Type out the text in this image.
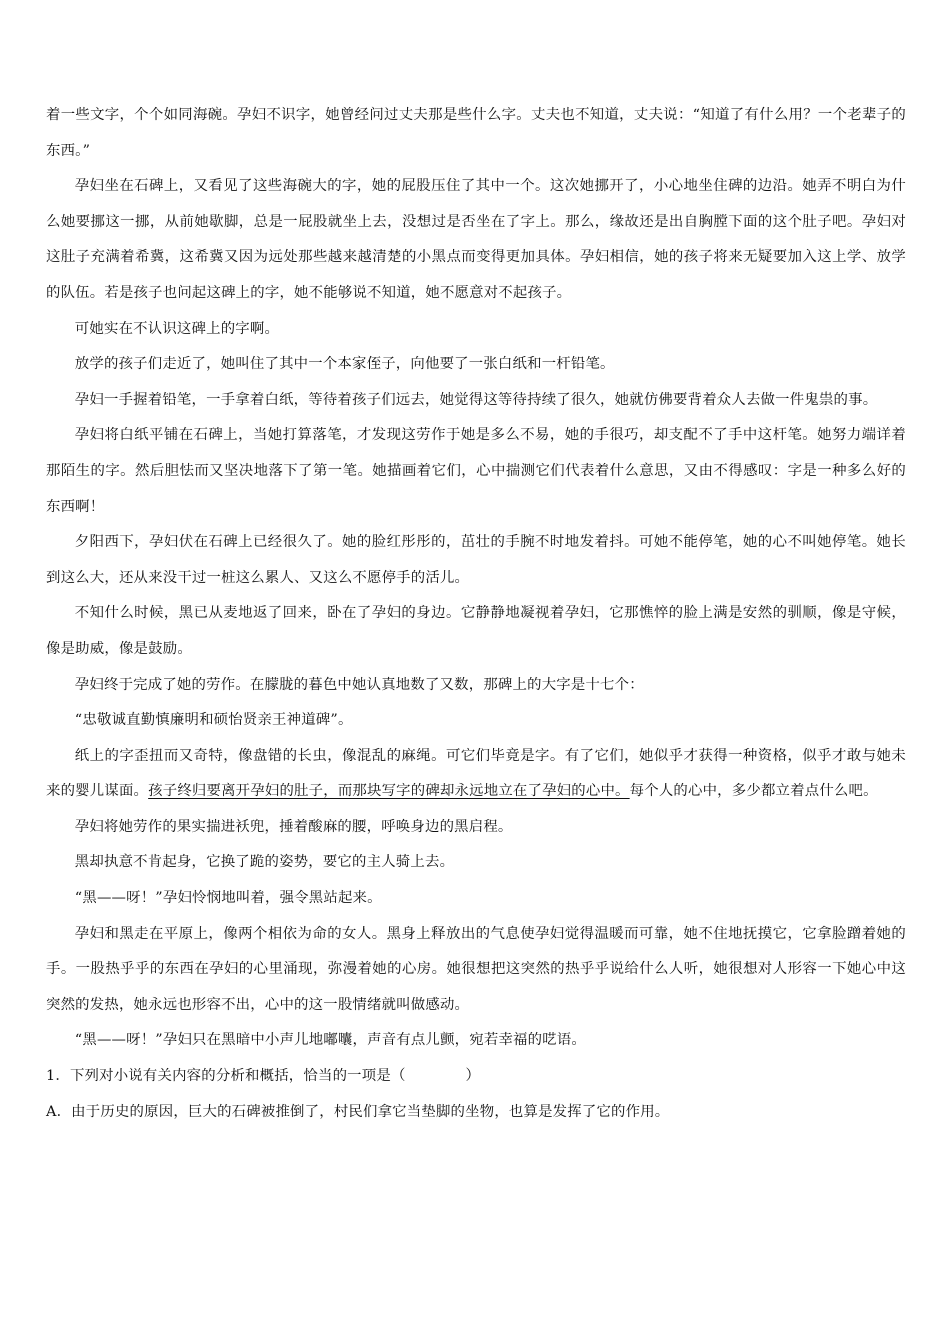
着一些文字，个个如同海碗。孕妇不识字，她曾经问过丈夫那是些什么字。丈夫也不知道，丈夫说：“知道了有什么用？一个老辈子的东西。”

孕妇坐在石碑上，又看见了这些海碗大的字，她的屁股压住了其中一个。这次她挪开了，小心地坐住碑的边沿。她弄不明白为什么她要挪这一挪，从前她歇脚，总是一屁股就坐上去，没想过是否坐在了字上。那么，缘故还是出自胸膛下面的这个肚子吧。孕妇对这肚子充满着希冀，这希冀又因为远处那些越来越清楚的小黑点而变得更加具体。孕妇相信，她的孩子将来无疑要加入这上学、放学的队伍。若是孩子也问起这碑上的字，她不能够说不知道，她不愿意对不起孩子。

可她实在不认识这碑上的字啊。

放学的孩子们走近了，她叫住了其中一个本家侄子，向他要了一张白纸和一杆铅笔。

孕妇一手握着铅笔，一手拿着白纸，等待着孩子们远去，她觉得这等待持续了很久，她就仿佛要背着众人去做一件鬼祟的事。

孕妇将白纸平铺在石碑上，当她打算落笔，才发现这劳作于她是多么不易，她的手很巧，却支配不了手中这杆笔。她努力端详着那陌生的字。然后胆怯而又坚决地落下了第一笔。她描画着它们，心中揣测它们代表着什么意思，又由不得感叹：字是一种多么好的东西啊！

夕阳西下，孕妇伏在石碑上已经很久了。她的脸红彤彤的，茁壮的手腕不时地发着抖。可她不能停笔，她的心不叫她停笔。她长到这么大，还从来没干过一桩这么累人、又这么不愿停手的活儿。

不知什么时候，黑已从麦地返了回来，卧在了孕妇的身边。它静静地凝视着孕妇，它那憔悴的脸上满是安然的驯顺，像是守候，像是助威，像是鼓励。

孕妇终于完成了她的劳作。在朦胧的暮色中她认真地数了又数，那碑上的大字是十七个：

“忠敬诚直勤慎廉明和硕怡贤亲王神道碑”。

纸上的字歪扭而又奇特，像盘错的长虫，像混乱的麻绳。可它们毕竟是字。有了它们，她似乎才获得一种资格，似乎才敢与她未来的婴儿谋面。孩子终归要离开孕妇的肚子，而那块写字的碑却永远地立在了孕妇的心中。每个人的心中，多少都立着点什么吧。

孕妇将她劳作的果实揣进袄兜，捶着酸麻的腰，呼唤身边的黑启程。

黑却执意不肯起身，它换了跪的姿势，要它的主人骑上去。

“黑——呀！”孕妇怜悯地叫着，强令黑站起来。

孕妇和黑走在平原上，像两个相依为命的女人。黑身上释放出的气息使孕妇觉得温暖而可靠，她不住地抚摸它，它拿脸蹭着她的手。一股热乎乎的东西在孕妇的心里涌现，弥漫着她的心房。她很想把这突然的热乎乎说给什么人听，她很想对人形容一下她心中这突然的发热，她永远也形容不出，心中的这一股情绪就叫做感动。

“黑——呀！”孕妇只在黑暗中小声儿地嘟囔，声音有点儿颤，宛若幸福的呓语。

1．下列对小说有关内容的分析和概括，恰当的一项是（	）

A．由于历史的原因，巨大的石碑被推倒了，村民们拿它当垫脚的坐物，也算是发挥了它的作用。
